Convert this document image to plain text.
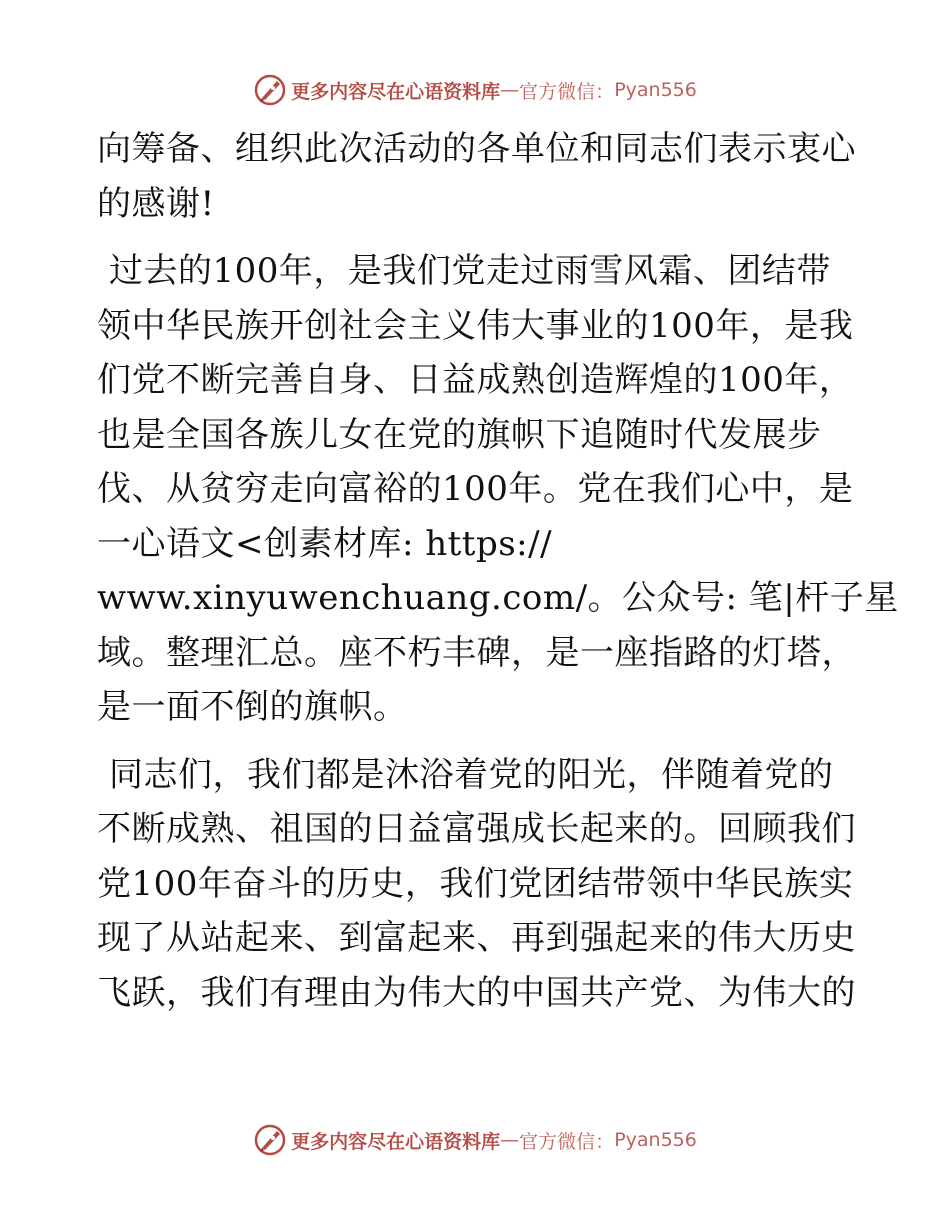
更多内容尽在心语资料库 — 官方微信： Pyan556
向筹备、组织此次活动的各单位和同志们表示衷心
的感谢!
过去的100年，是我们党走过雨雪风霜、团结带
领中华民族开创社会主义伟大事业的100年，是我
们党不断完善自身、日益成熟创造辉煌的100年，
也是全国各族儿女在党的旗帜下追随时代发展步
伐、从贫穷走向富裕的100年。党在我们心中，是
一心语文<创素材库: https://
www.xinyuwenchuang.com/。公众号: 笔|杆子星
域。整理汇总。座不朽丰碑，是一座指路的灯塔，
是一面不倒的旗帜。
同志们，我们都是沐浴着党的阳光，伴随着党的
不断成熟、祖国的日益富强成长起来的。回顾我们
党100年奋斗的历史，我们党团结带领中华民族实
现了从站起来、到富起来、再到强起来的伟大历史
飞跃，我们有理由为伟大的中国共产党、为伟大的
更多内容尽在心语资料库 — 官方微信： Pyan556
